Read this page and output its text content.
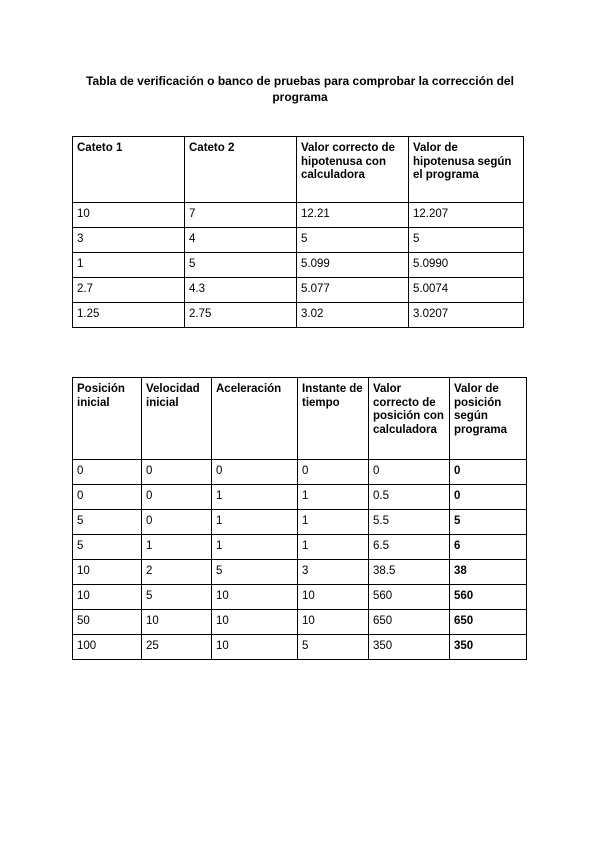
Tabla de verificación o banco de pruebas para comprobar la corrección del programa
Cateto 1	Cateto 2	Valor correcto de hipotenusa con calculadora	Valor de hipotenusa según el programa
10	7	12.21	12.207
3	4	5	5
1	5	5.099	5.0990
2.7	4.3	5.077	5.0074
1.25	2.75	3.02	3.0207
Posición inicial	Velocidad inicial	Aceleración	Instante de tiempo	Valor correcto de posición con calculadora	Valor de posición según programa
0	0	0	0	0	0
0	0	1	1	0.5	0
5	0	1	1	5.5	5
5	1	1	1	6.5	6
10	2	5	3	38.5	38
10	5	10	10	560	560
50	10	10	10	650	650
100	25	10	5	350	350
